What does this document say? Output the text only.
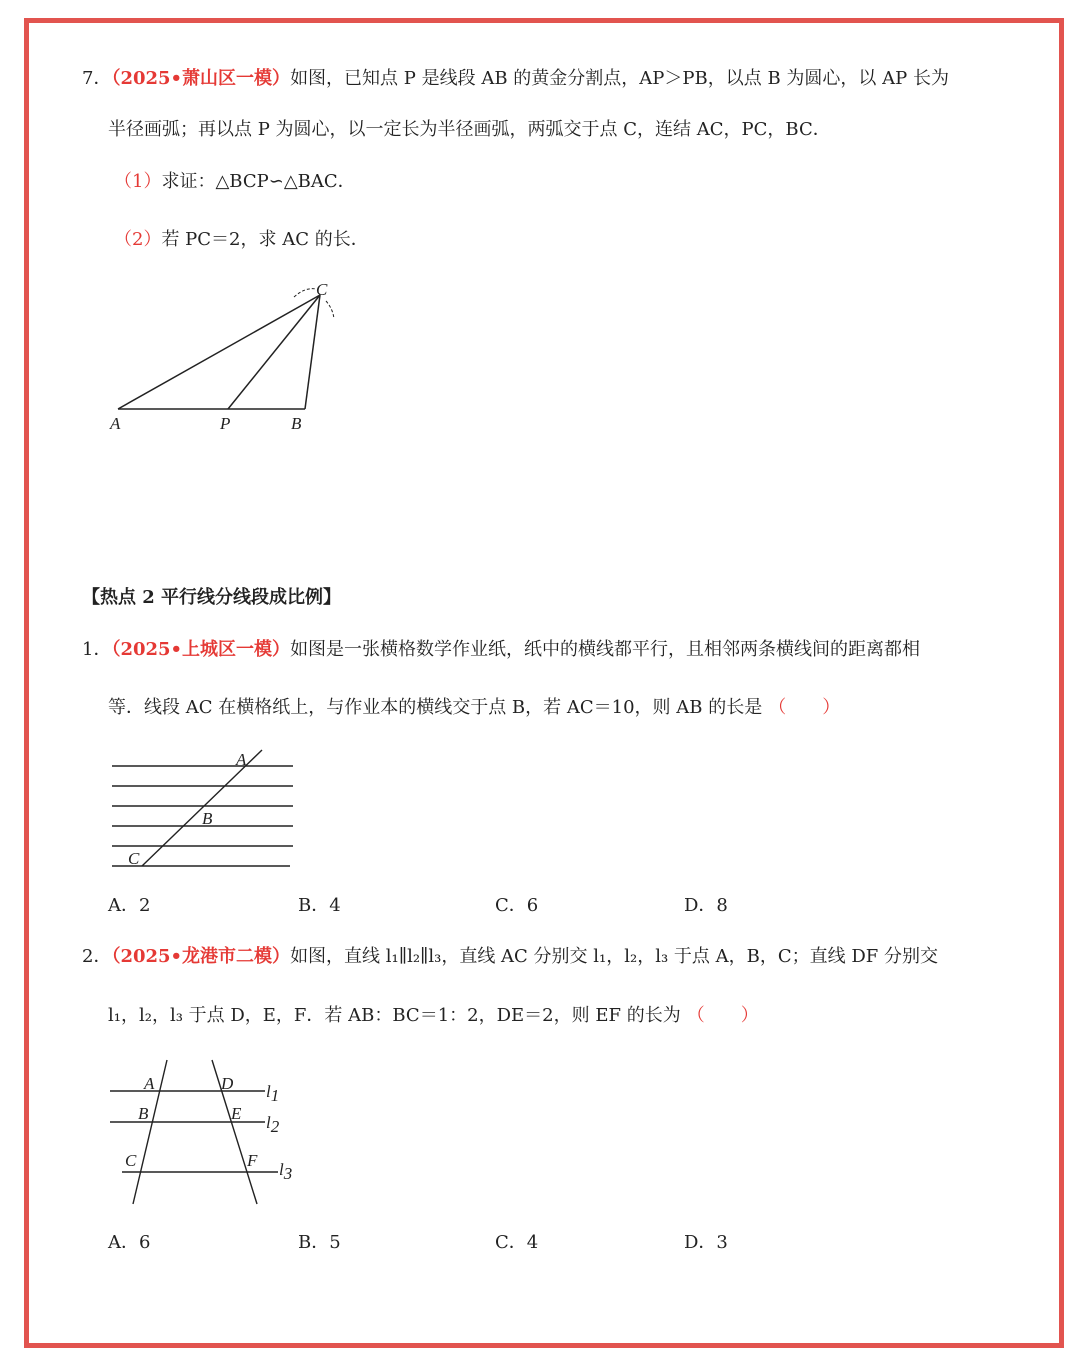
7．（2025•萧山区一模）如图，已知点 P 是线段 AB 的黄金分割点，AP＞PB，以点 B 为圆心，以 AP 长为
半径画弧；再以点 P 为圆心，以一定长为半径画弧，两弧交于点 C，连结 AC，PC，BC．
（1）求证：△BCP∽△BAC．
（2）若 PC＝2，求 AC 的长．
A	P	B
C
【热点 2 平行线分线段成比例】
1．（2025•上城区一模）如图是一张横格数学作业纸，纸中的横线都平行，且相邻两条横线间的距离都相
等．线段 AC 在横格纸上，与作业本的横线交于点 B，若 AC＝10，则 AB 的长是 （　　）
A
B
C
A．2	B．4	C．6	D．8
2．（2025•龙港市二模）如图，直线 l₁∥l₂∥l₃，直线 AC 分别交 l₁，l₂，l₃ 于点 A，B，C；直线 DF 分别交
l₁，l₂，l₃ 于点 D，E，F．若 AB：BC＝1：2，DE＝2，则 EF 的长为 （　　）
A
B
C
D
E
F
l1
l2
l3
A．6	B．5	C．4	D．3
